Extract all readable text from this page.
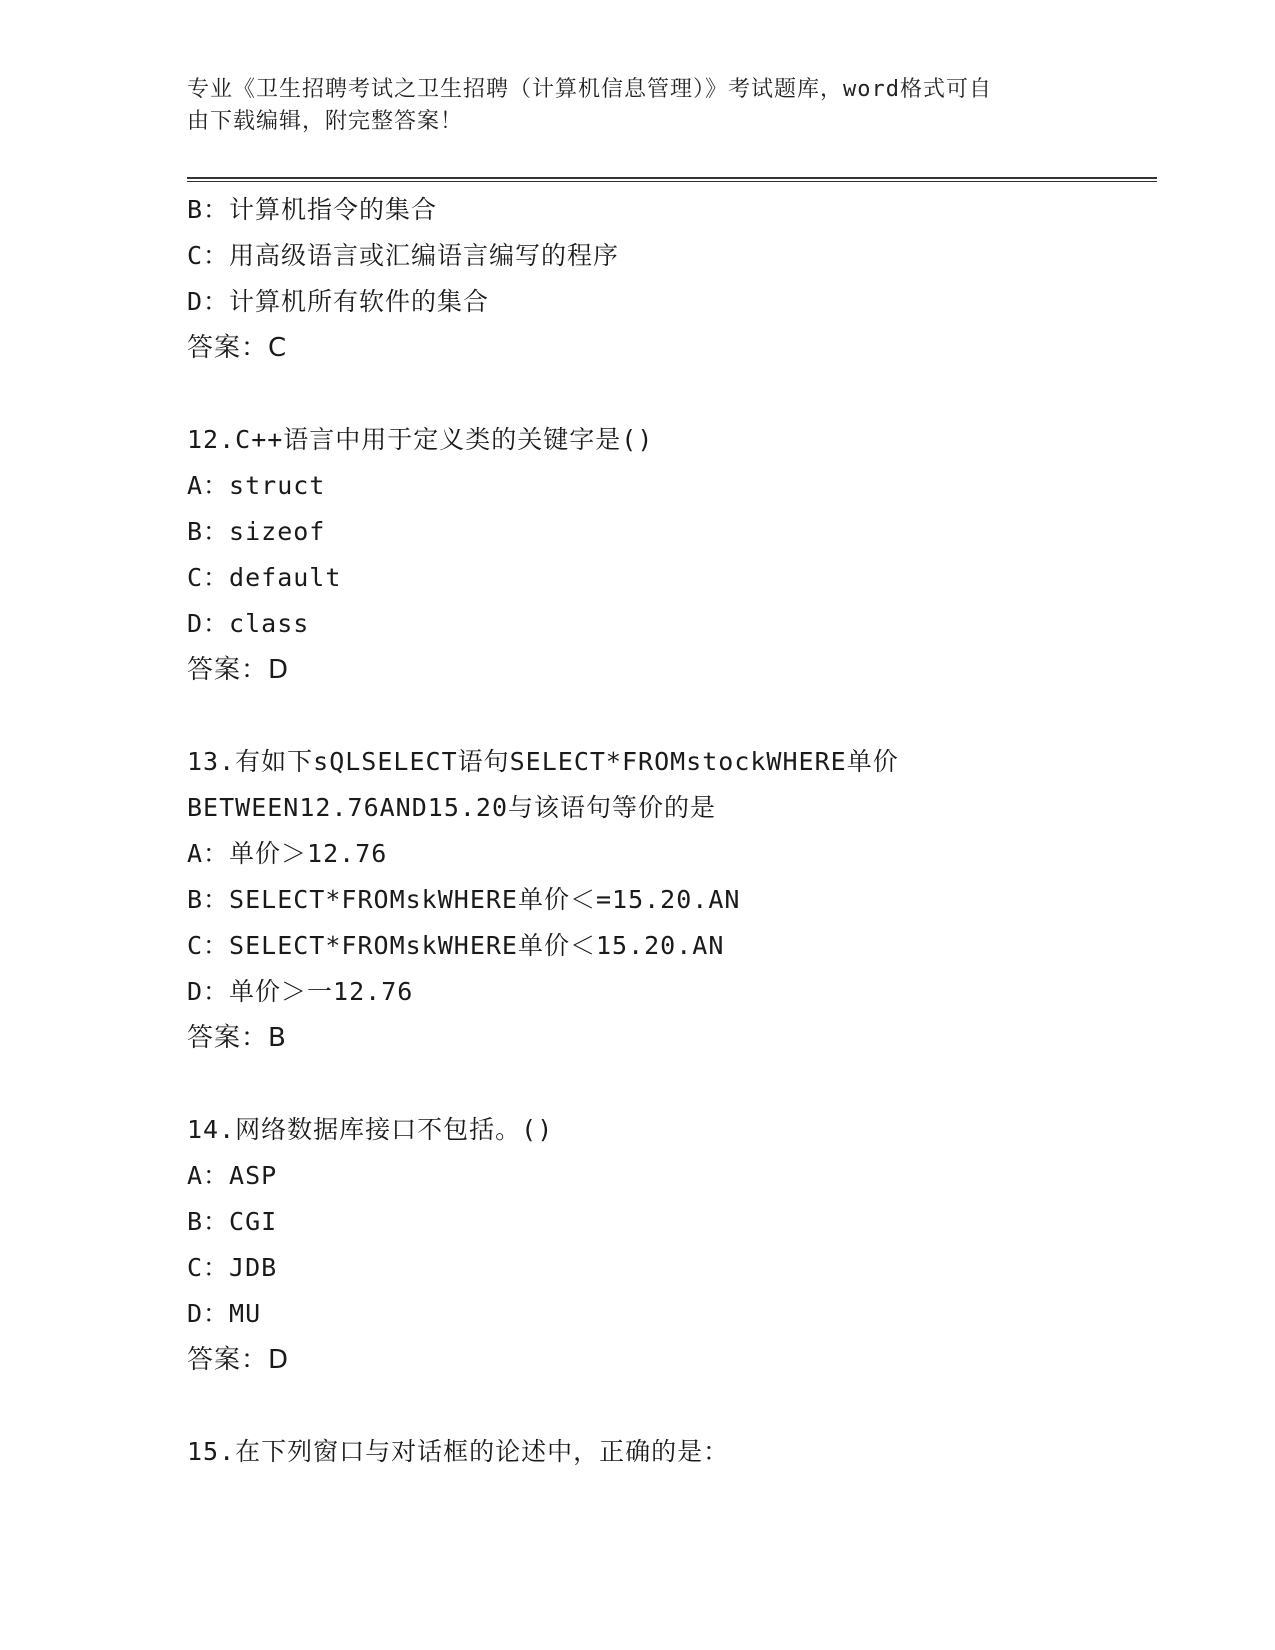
专业《卫生招聘考试之卫生招聘（计算机信息管理）》考试题库，word格式可自
由下载编辑，附完整答案！
B：计算机指令的集合
C：用高级语言或汇编语言编写的程序
D：计算机所有软件的集合
答案：C
12.C++语言中用于定义类的关键字是()
A：struct
B：sizeof
C：default
D：class
答案：D
13.有如下sQLSELECT语句SELECT*FROMstockWHERE单价
BETWEEN12.76AND15.20与该语句等价的是
A：单价＞12.76
B：SELECT*FROMskWHERE单价＜=15.20.AN
C：SELECT*FROMskWHERE单价＜15.20.AN
D：单价＞一12.76
答案：B
14.网络数据库接口不包括。()
A：ASP
B：CGI
C：JDB
D：MU
答案：D
15.在下列窗口与对话框的论述中，正确的是：
